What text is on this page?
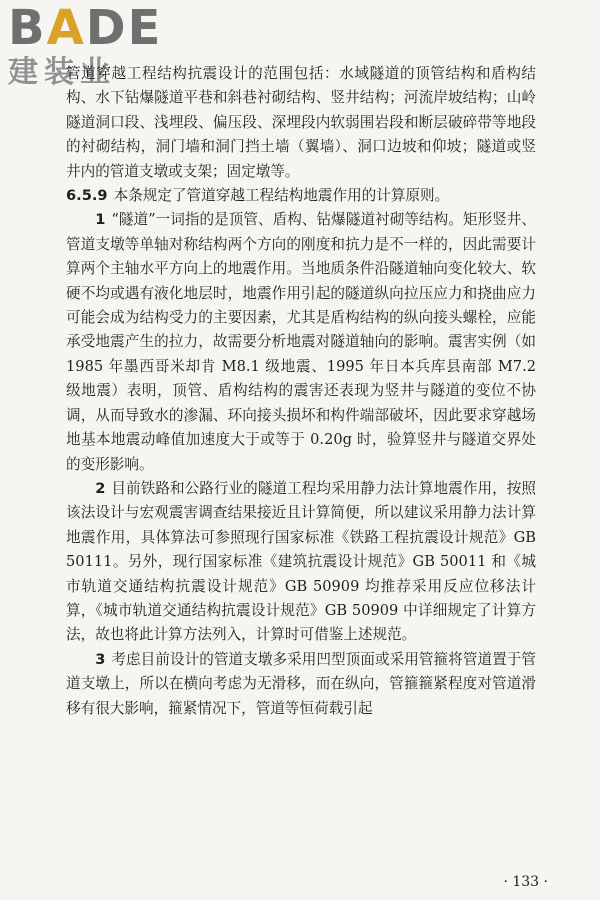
BADE
建装业

管道穿越工程结构抗震设计的范围包括：水域隧道的顶管结构和盾构结构、水下钻爆隧道平巷和斜巷衬砌结构、竖井结构；河流岸坡结构；山岭隧道洞口段、浅埋段、偏压段、深埋段内软弱围岩段和断层破碎带等地段的衬砌结构，洞门墙和洞门挡土墙（翼墙）、洞口边坡和仰坡；隧道或竖井内的管道支墩或支架；固定墩等。

6.5.9 本条规定了管道穿越工程结构地震作用的计算原则。

1 “隧道”一词指的是顶管、盾构、钻爆隧道衬砌等结构。矩形竖井、管道支墩等单轴对称结构两个方向的刚度和抗力是不一样的，因此需要计算两个主轴水平方向上的地震作用。当地质条件沿隧道轴向变化较大、软硬不均或遇有液化地层时，地震作用引起的隧道纵向拉压应力和挠曲应力可能会成为结构受力的主要因素，尤其是盾构结构的纵向接头螺栓，应能承受地震产生的拉力，故需要分析地震对隧道轴向的影响。震害实例（如 1985 年墨西哥米却肯 M8.1 级地震、1995 年日本兵库县南部 M7.2 级地震）表明，顶管、盾构结构的震害还表现为竖井与隧道的变位不协调，从而导致水的渗漏、环向接头损坏和构件端部破坏，因此要求穿越场地基本地震动峰值加速度大于或等于 0.20g 时，验算竖井与隧道交界处的变形影响。

2 目前铁路和公路行业的隧道工程均采用静力法计算地震作用，按照该法设计与宏观震害调查结果接近且计算简便，所以建议采用静力法计算地震作用，具体算法可参照现行国家标准《铁路工程抗震设计规范》GB 50111。另外，现行国家标准《建筑抗震设计规范》GB 50011 和《城市轨道交通结构抗震设计规范》GB 50909 均推荐采用反应位移法计算，《城市轨道交通结构抗震设计规范》GB 50909 中详细规定了计算方法，故也将此计算方法列入，计算时可借鉴上述规范。

3 考虑目前设计的管道支墩多采用凹型顶面或采用管箍将管道置于管道支墩上，所以在横向考虑为无滑移，而在纵向，管箍箍紧程度对管道滑移有很大影响，箍紧情况下，管道等恒荷载引起

· 133 ·
